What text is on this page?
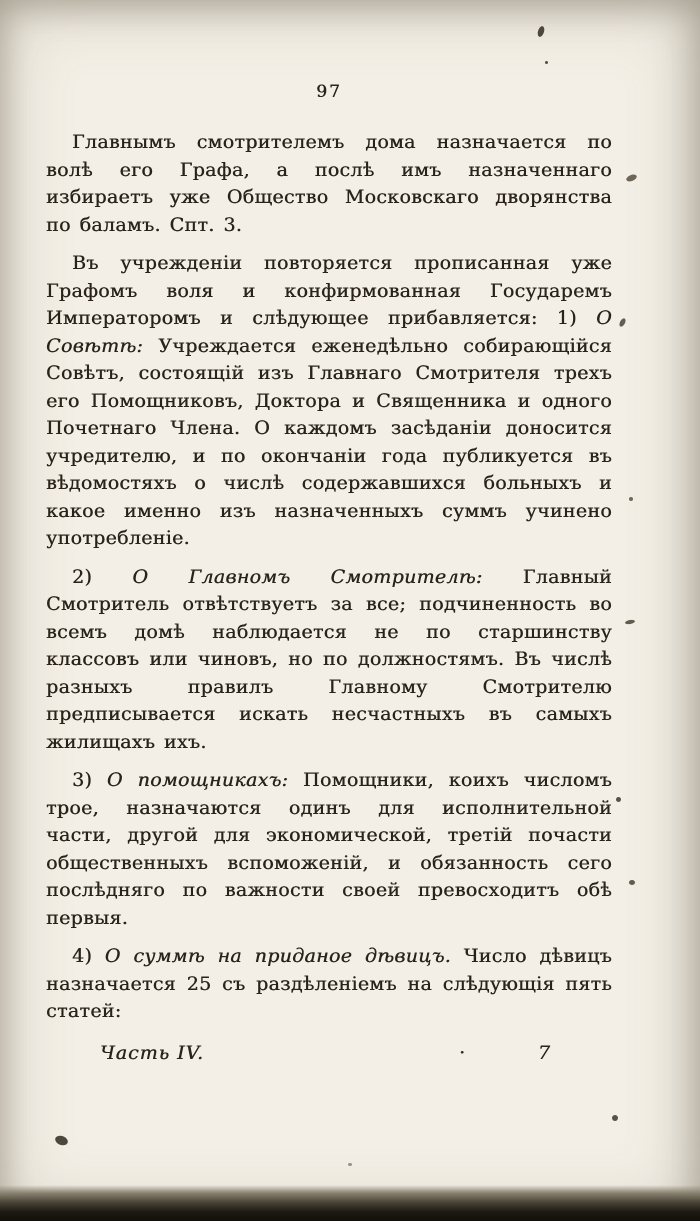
97

Главнымъ смотрителемъ дома назначается по волѣ его Графа, а послѣ имъ назначеннаго избираетъ уже Общество Московскаго дворянства по баламъ. Спт. 3.

Въ учрежденіи повторяется прописанная уже Графомъ воля и конфирмованная Государемъ Императоромъ и слѣдующее прибавляется: 1) О Совѣтѣ: Учреждается еженедѣльно собирающійся Совѣтъ, состоящій изъ Главнаго Смотрителя трехъ его Помощниковъ, Доктора и Священника и одного Почетнаго Члена. О каждомъ засѣданіи доносится учредителю, и по окончаніи года публикуется въ вѣдомостяхъ о числѣ содержавшихся больныхъ и какое именно изъ назначенныхъ суммъ учинено употребленіе.

2) О Главномъ Смотрителѣ: Главный Смотритель отвѣтствуетъ за все; подчиненность во всемъ домѣ наблюдается не по старшинству классовъ или чиновъ, но по должностямъ. Въ числѣ разныхъ правилъ Главному Смотрителю предписывается искать несчастныхъ въ самыхъ жилищахъ ихъ.

3) О помощникахъ: Помощники, коихъ числомъ трое, назначаются одинъ для исполнительной части, другой для экономической, третій почасти общественныхъ вспоможеній, и обязанность сего послѣдняго по важности своей превосходитъ обѣ первыя.

4) О суммѣ на приданое дѣвицъ. Число дѣвицъ назначается 25 съ раздѣленіемъ на слѣдующія пять статей:

Часть IV.	·	7
